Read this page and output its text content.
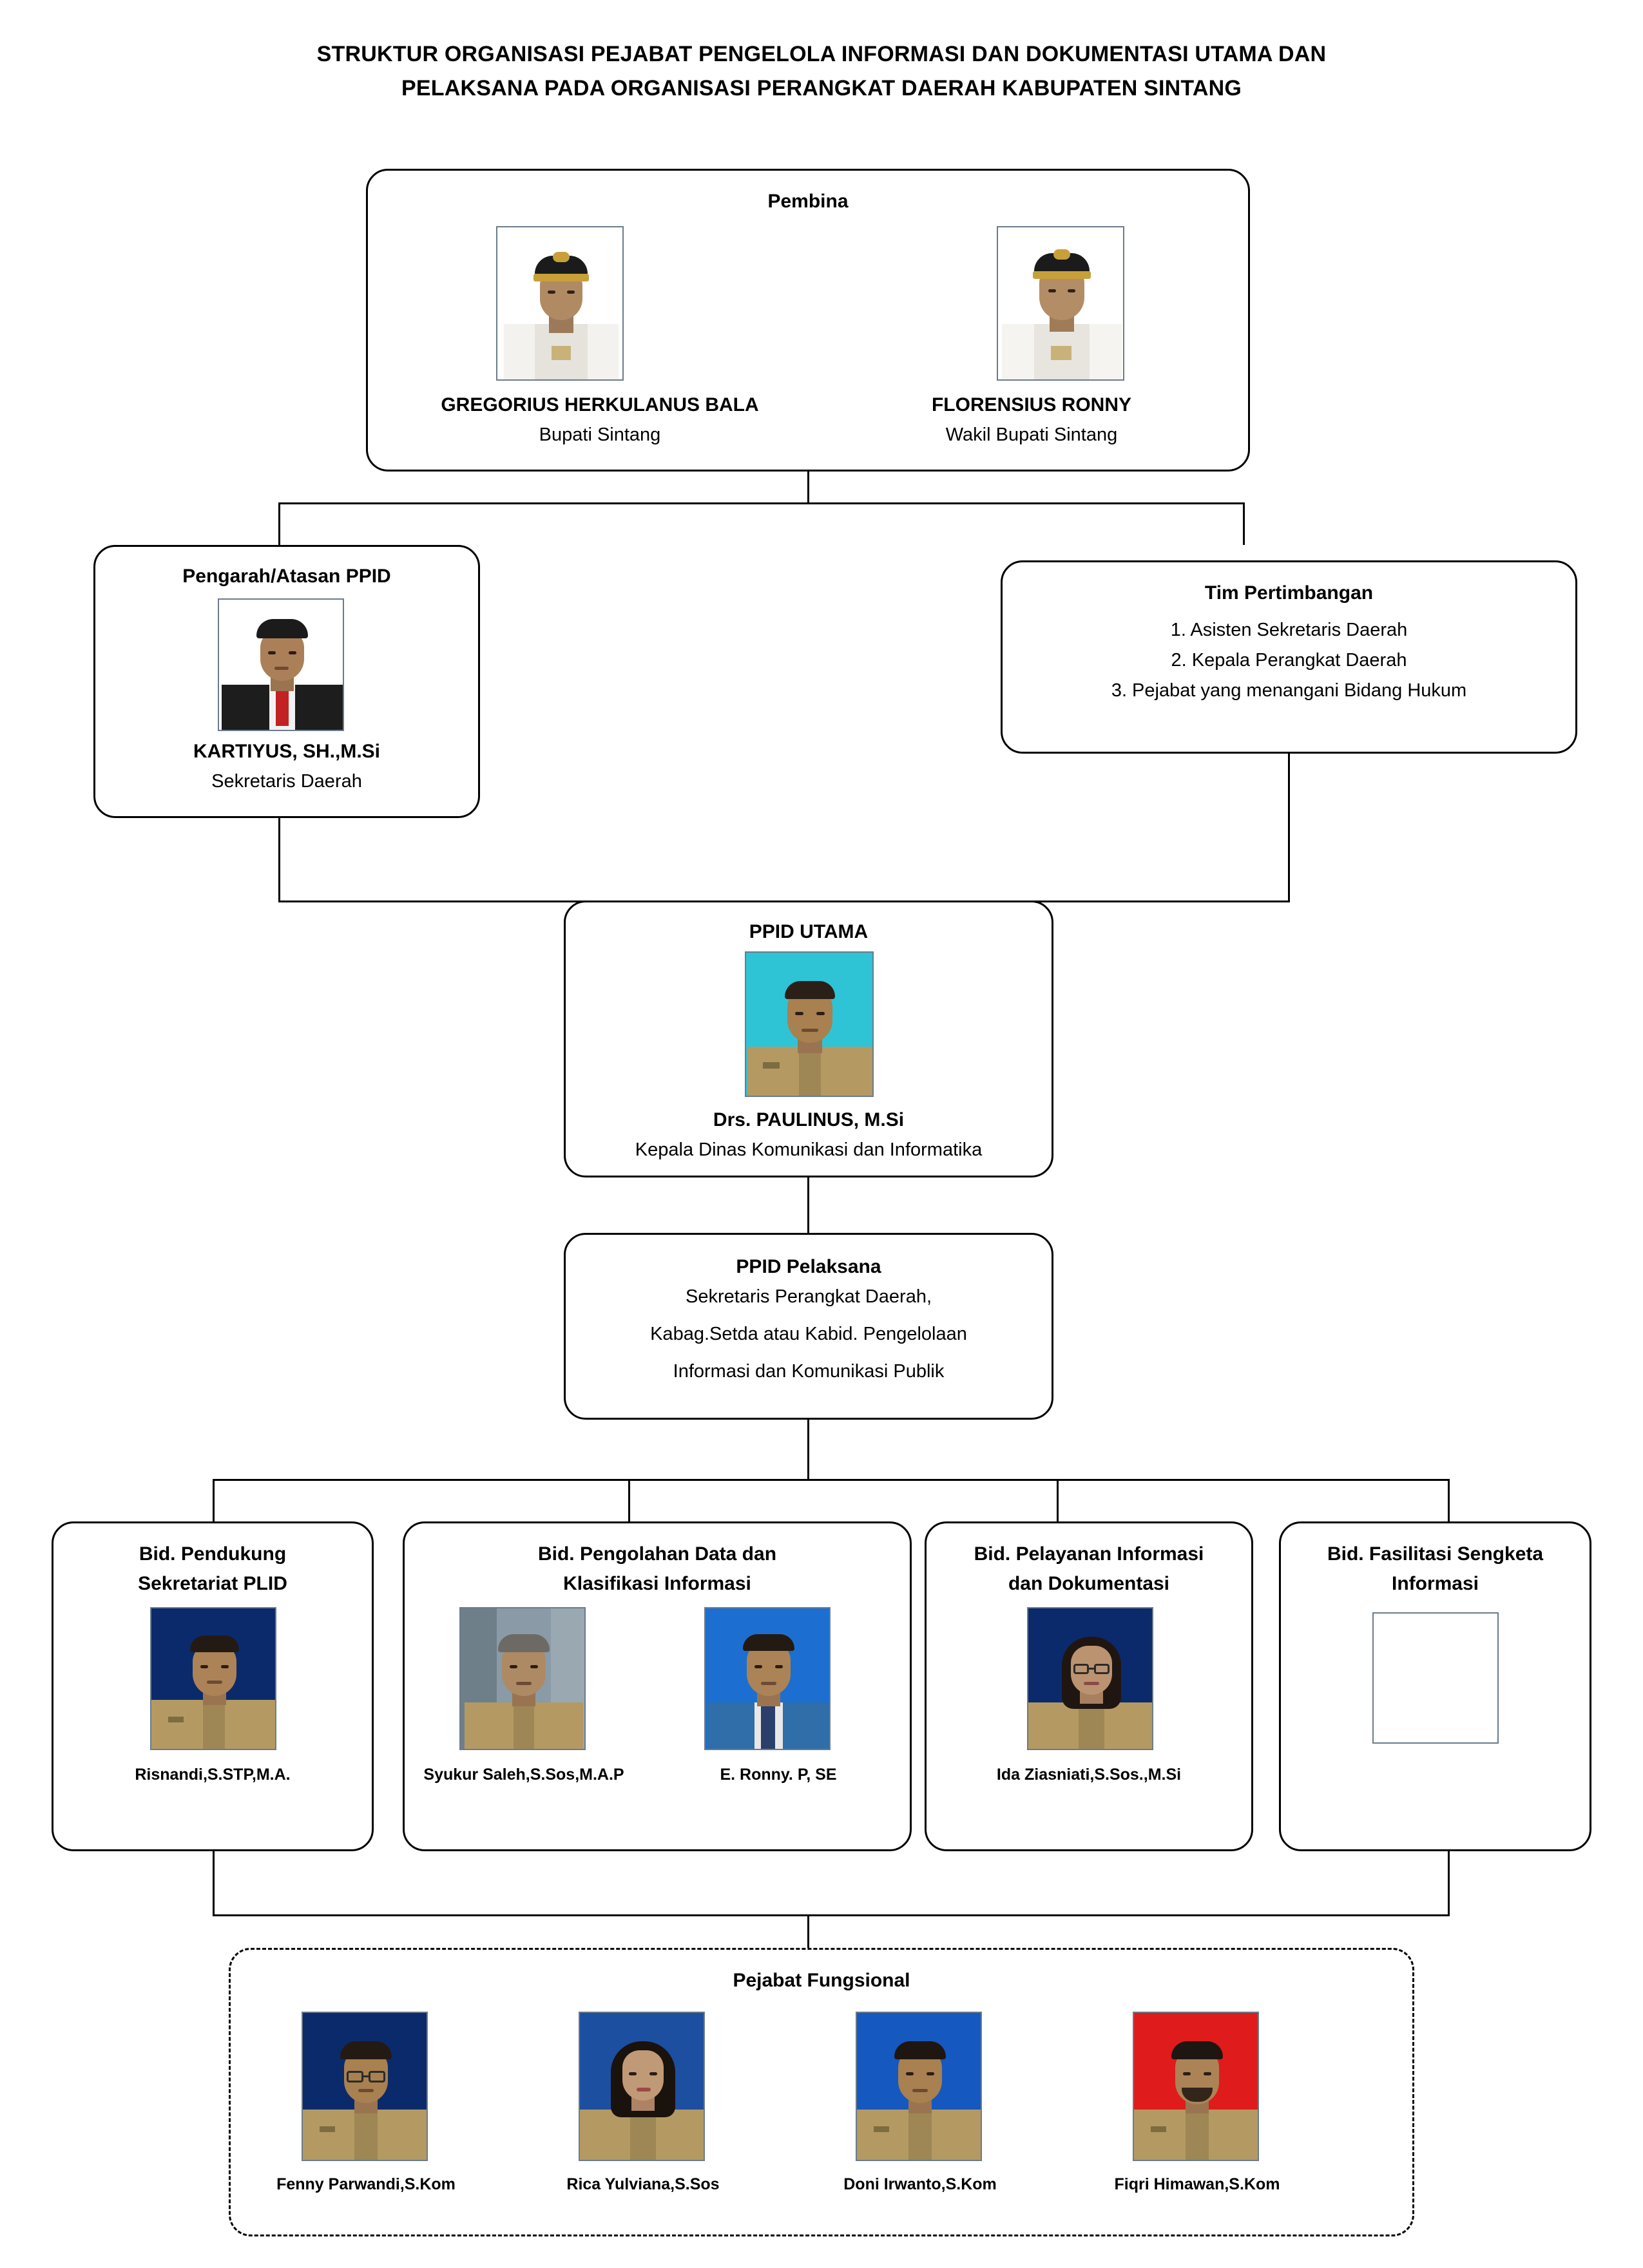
STRUKTUR ORGANISASI PEJABAT PENGELOLA INFORMASI DAN DOKUMENTASI UTAMA DAN
PELAKSANA PADA ORGANISASI PERANGKAT DAERAH KABUPATEN SINTANG
Pembina
GREGORIUS HERKULANUS BALA
Bupati Sintang
FLORENSIUS RONNY
Wakil Bupati Sintang
Pengarah/Atasan PPID
KARTIYUS, SH.,M.Si
Sekretaris Daerah
Tim Pertimbangan
1. Asisten Sekretaris Daerah
2. Kepala Perangkat Daerah
3. Pejabat yang menangani Bidang Hukum
PPID UTAMA
Drs. PAULINUS, M.Si
Kepala Dinas Komunikasi dan Informatika
PPID Pelaksana
Sekretaris Perangkat Daerah,
Kabag.Setda atau Kabid. Pengelolaan
Informasi dan Komunikasi Publik
Bid. Pendukung
Sekretariat PLID
Risnandi,S.STP,M.A.
Bid. Pengolahan Data dan
Klasifikasi Informasi
Syukur Saleh,S.Sos,M.A.P	E. Ronny. P, SE
Bid. Pelayanan Informasi
dan Dokumentasi
Ida Ziasniati,S.Sos.,M.Si
Bid. Fasilitasi Sengketa
Informasi
Pejabat Fungsional
Fenny Parwandi,S.Kom	Rica Yulviana,S.Sos	Doni Irwanto,S.Kom	Fiqri Himawan,S.Kom
